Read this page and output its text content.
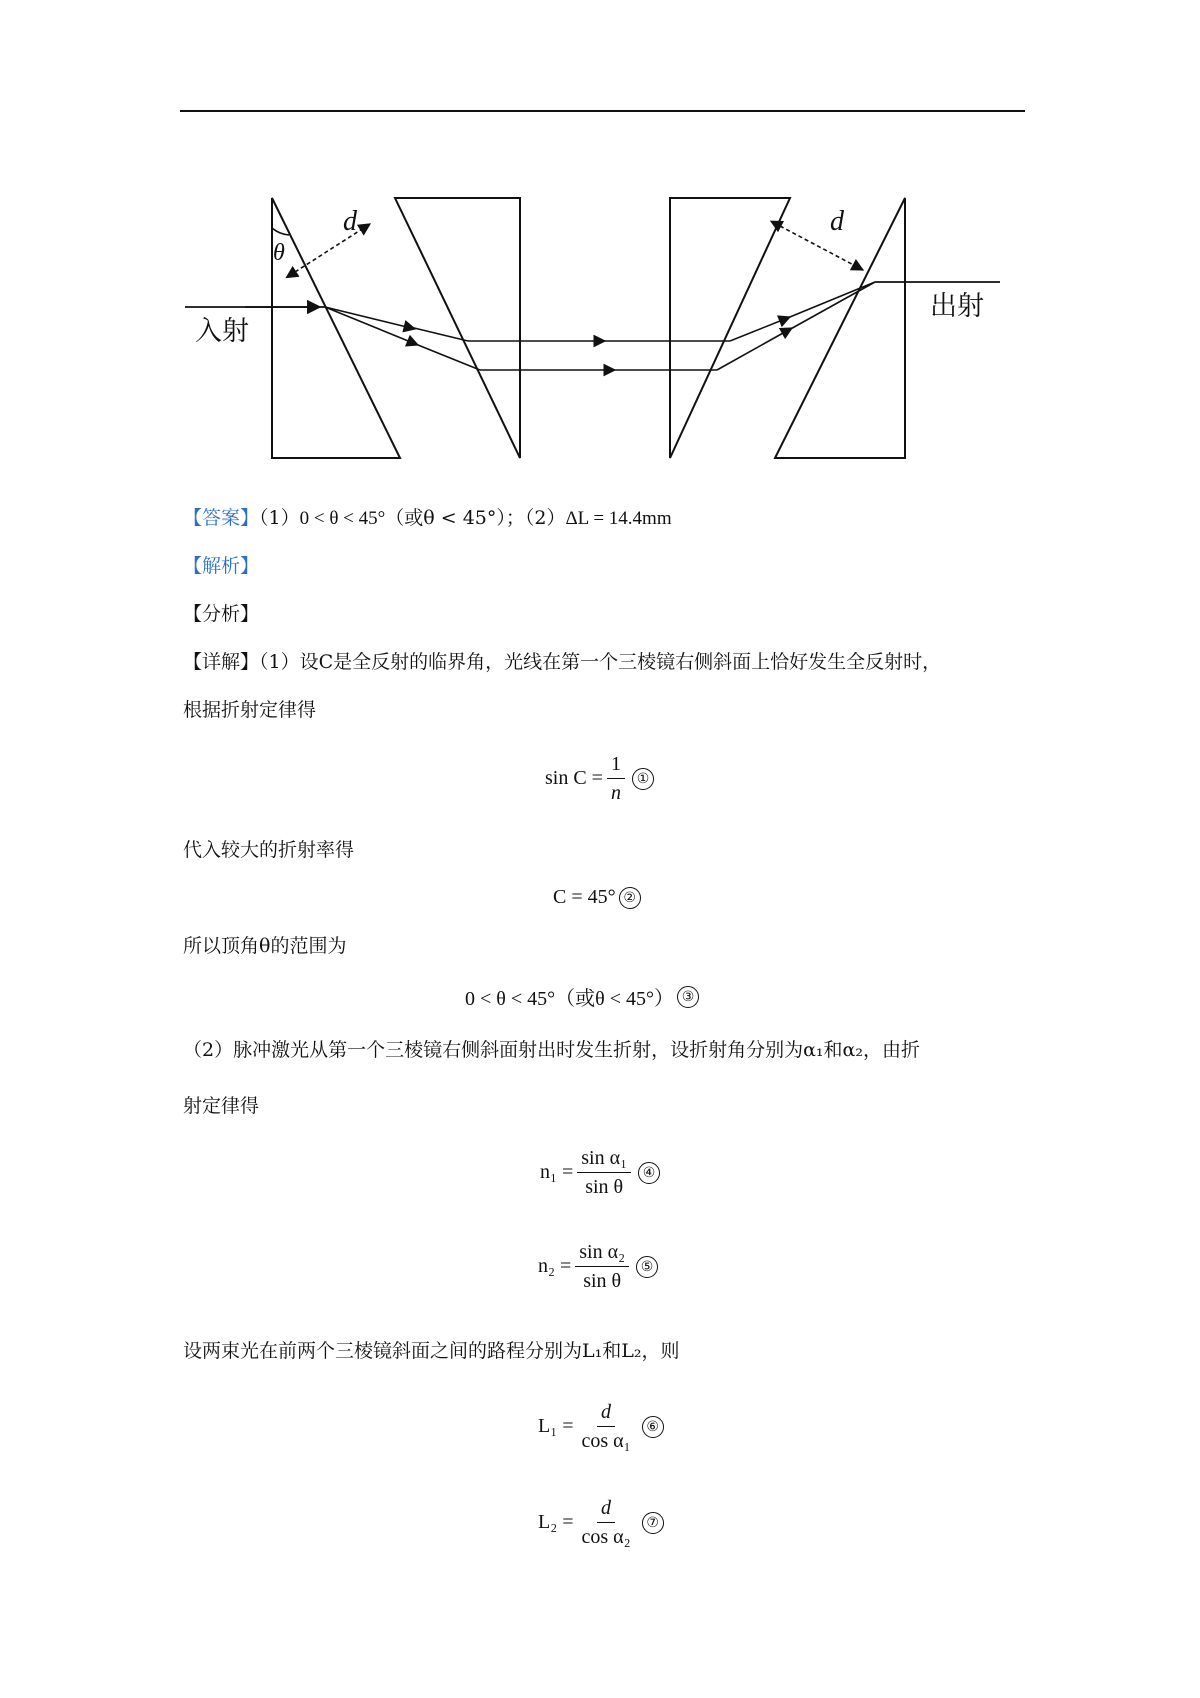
d	d
θ
入射
出射
【答案】（1）0 < θ < 45°（或θ < 45°）；（2）ΔL = 14.4mm
【解析】
【分析】
【详解】（1）设C是全反射的临界角，光线在第一个三棱镜右侧斜面上恰好发生全反射时，
根据折射定律得
$\sin C = \frac{1}{n}$ ①
代入较大的折射率得
C = 45° ②
所以顶角θ的范围为
0 < θ < 45°（或θ < 45°） ③
（2）脉冲激光从第一个三棱镜右侧斜面射出时发生折射，设折射角分别为α₁和α₂，由折
射定律得
$n_1 = \frac{\text{sin α₁}}{\text{sin θ}}$ ④
$n_2 = \frac{\text{sin α₂}}{\text{sin θ}}$ ⑤
设两束光在前两个三棱镜斜面之间的路程分别为L₁和L₂，则
$L_1 = \frac{d}{\text{cos α₁}}$ ⑥
$L_2 = \frac{d}{\text{cos α₂}}$ ⑦
